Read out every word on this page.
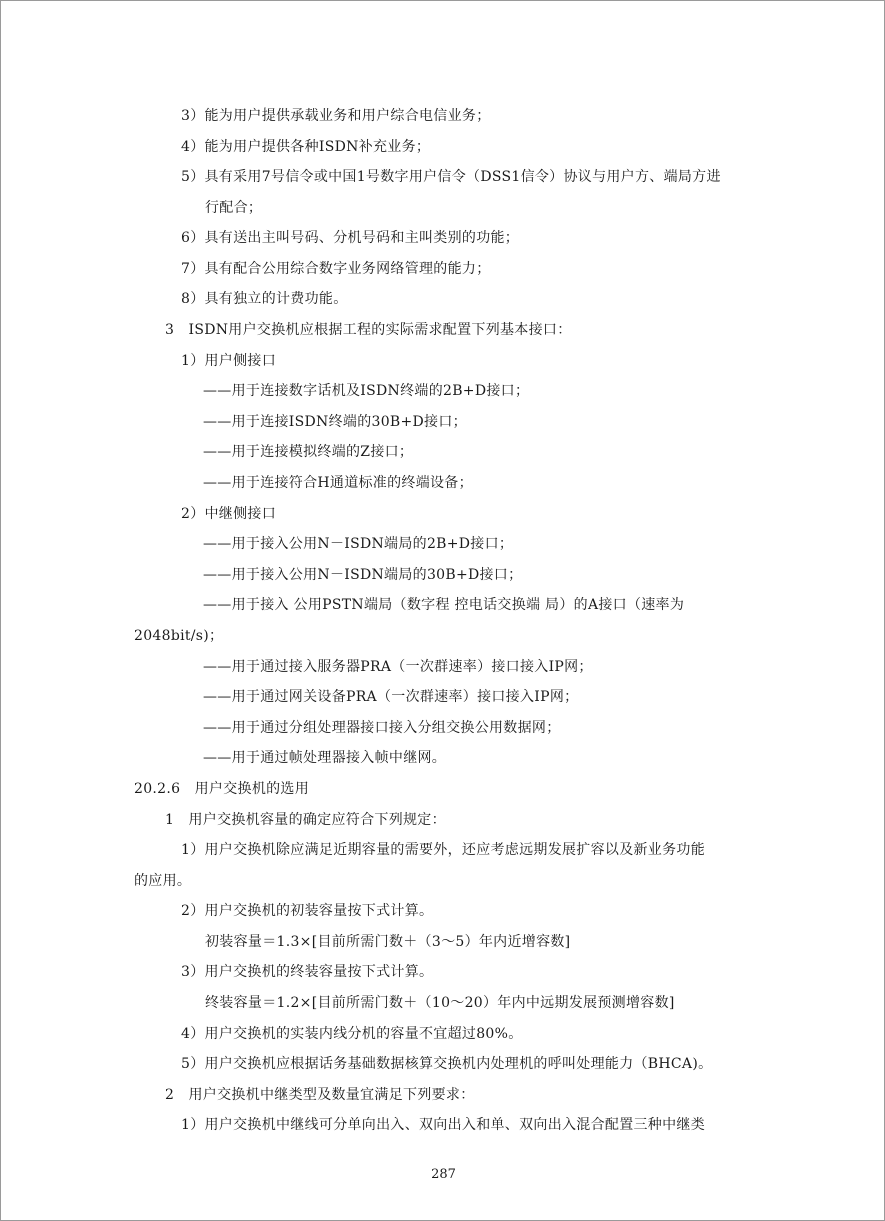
3）能为用户提供承载业务和用户综合电信业务；
4）能为用户提供各种ISDN补充业务；
5）具有采用7号信令或中国1号数字用户信令（DSS1信令）协议与用户方、端局方进
行配合；
6）具有送出主叫号码、分机号码和主叫类别的功能；
7）具有配合公用综合数字业务网络管理的能力；
8）具有独立的计费功能。
3　ISDN用户交换机应根据工程的实际需求配置下列基本接口：
1）用户侧接口
——用于连接数字话机及ISDN终端的2B+D接口；
——用于连接ISDN终端的30B+D接口；
——用于连接模拟终端的Z接口；
——用于连接符合H通道标准的终端设备；
2）中继侧接口
——用于接入公用N－ISDN端局的2B+D接口；
——用于接入公用N－ISDN端局的30B+D接口；
——用于接入 公用PSTN端局（数字程 控电话交换端 局）的A接口（速率为
2048bit/s)；
——用于通过接入服务器PRA（一次群速率）接口接入IP网；
——用于通过网关设备PRA（一次群速率）接口接入IP网；
——用于通过分组处理器接口接入分组交换公用数据网；
——用于通过帧处理器接入帧中继网。
20.2.6　用户交换机的选用
1　用户交换机容量的确定应符合下列规定：
1）用户交换机除应满足近期容量的需要外，还应考虑远期发展扩容以及新业务功能
的应用。
2）用户交换机的初装容量按下式计算。
初装容量＝1.3×[目前所需门数＋（3～5）年内近增容数]
3）用户交换机的终装容量按下式计算。
终装容量＝1.2×[目前所需门数＋（10～20）年内中远期发展预测增容数]
4）用户交换机的实装内线分机的容量不宜超过80%。
5）用户交换机应根据话务基础数据核算交换机内处理机的呼叫处理能力（BHCA)。
2　用户交换机中继类型及数量宜满足下列要求：
1）用户交换机中继线可分单向出入、双向出入和单、双向出入混合配置三种中继类
287
